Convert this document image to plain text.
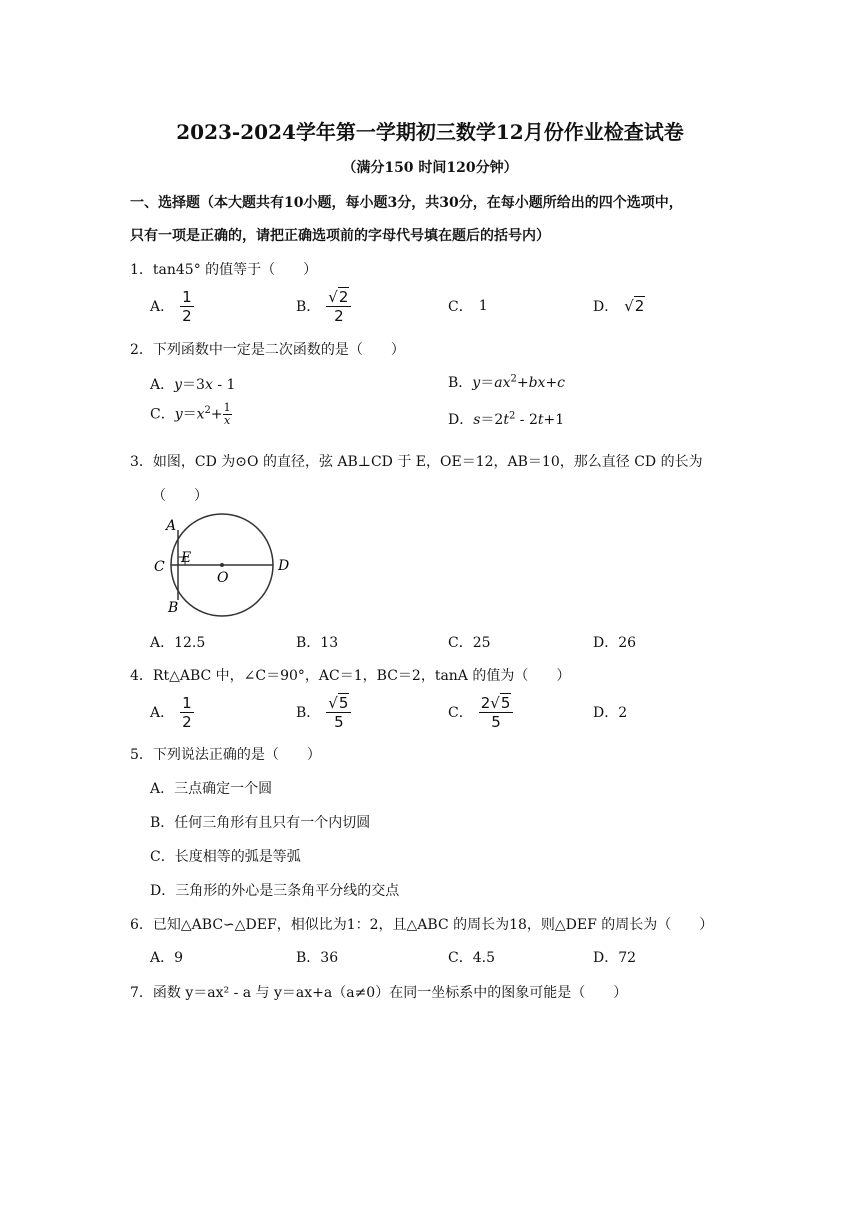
2023-2024学年第一学期初三数学12月份作业检查试卷
（满分150 时间120分钟）
一、选择题（本大题共有10小题，每小题3分，共30分，在每小题所给出的四个选项中，
只有一项是正确的，请把正确选项前的字母代号填在题后的括号内）
1．tan45° 的值等于（　　）
A． $\frac{1}{2}$	B． $\frac{√2}{2}$	C． 1	D． √2
2．下列函数中一定是二次函数的是（　　）
A．y＝3x - 1	B．$y=ax^2+bx+c$
C．$y=x^2+ \frac{1}{x}$	D．$s=2t^2 - 2t+1$
3．如图，CD 为⊙O 的直径，弦 AB⊥CD 于 E，OE＝12，AB＝10，那么直径 CD 的长为
（　　）
A
B
C	D
E
O
A．12.5	B．13	C．25	D．26
4．Rt△ABC 中，∠C＝90°，AC＝1，BC＝2，tanA 的值为（　　）
A． $\frac{1}{2}$	B． $\frac{√5}{5}$	C． $\frac{2√5}{5}$	D．2
5．下列说法正确的是（　　）
A．三点确定一个圆
B．任何三角形有且只有一个内切圆
C．长度相等的弧是等弧
D．三角形的外心是三条角平分线的交点
6．已知△ABC∽△DEF，相似比为1：2，且△ABC 的周长为18，则△DEF 的周长为（　　）
A．9	B．36	C．4.5	D．72
7．函数 y＝ax² - a 与 y＝ax+a（a≠0）在同一坐标系中的图象可能是（　　）
